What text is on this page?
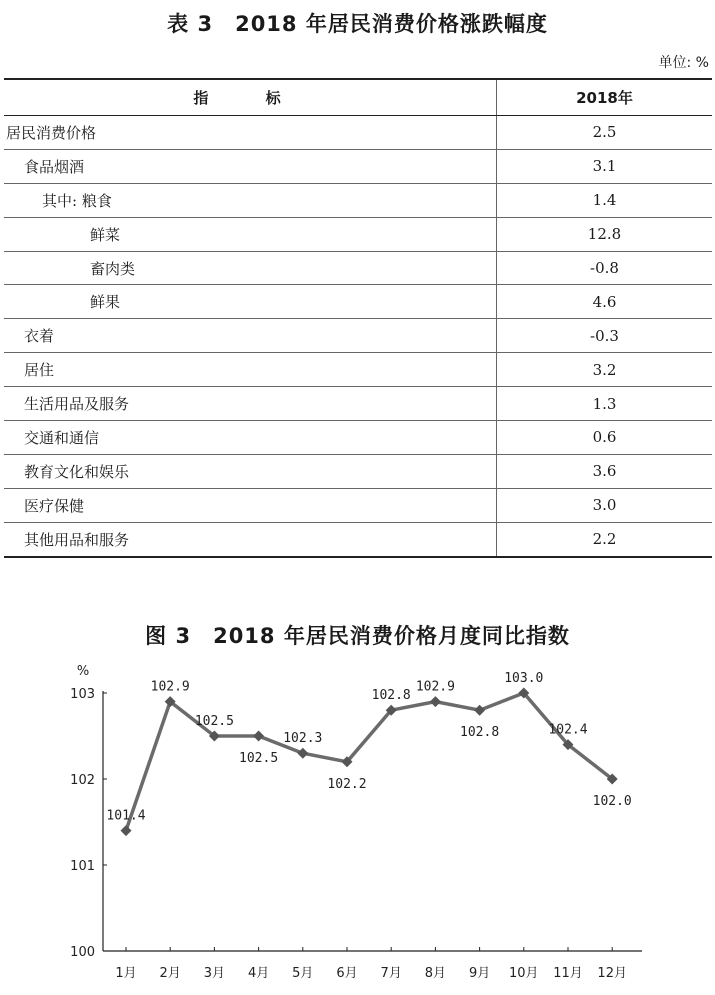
表 3　2018 年居民消费价格涨跌幅度
单位: %
指 标	2018年
居民消费价格	2.5
食品烟酒	3.1
其中: 粮食	1.4
鲜菜	12.8
畜肉类	-0.8
鲜果	4.6
衣着	-0.3
居住	3.2
生活用品及服务	1.3
交通和通信	0.6
教育文化和娱乐	3.6
医疗保健	3.0
其他用品和服务	2.2
图 3　2018 年居民消费价格月度同比指数
100
101
102
103
%
1月 2月 3月 4月 5月 6月 7月 8月 9月 10月 11月 12月
101.4
102.9
102.5
102.5
102.3
102.2
102.8
102.9
102.8
103.0
102.4
102.0
